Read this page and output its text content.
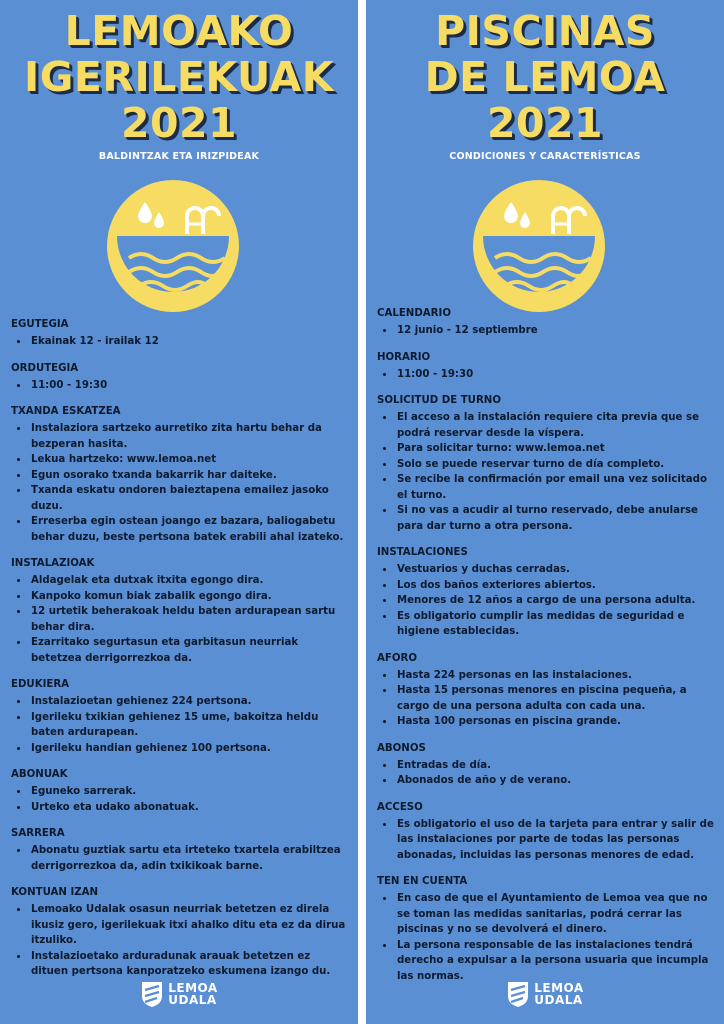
LEMOAKO
IGERILEKUAK
2021
BALDINTZAK ETA IRIZPIDEAK
EGUTEGIA
• Ekainak 12 - irailak 12
ORDUTEGIA
• 11:00 - 19:30
TXANDA ESKATZEA
• Instalaziora sartzeko aurretiko zita hartu behar da bezperan hasita.
• Lekua hartzeko: www.lemoa.net
• Egun osorako txanda bakarrik har daiteke.
• Txanda eskatu ondoren baieztapena emailez jasoko duzu.
• Erreserba egin ostean joango ez bazara, baliogabetu behar duzu, beste pertsona batek erabili ahal izateko.
INSTALAZIOAK
• Aldagelak eta dutxak itxita egongo dira.
• Kanpoko komun biak zabalik egongo dira.
• 12 urtetik beherakoak heldu baten ardurapean sartu behar dira.
• Ezarritako segurtasun eta garbitasun neurriak betetzea derrigorrezkoa da.
EDUKIERA
• Instalazioetan gehienez 224 pertsona.
• Igerileku txikian gehienez 15 ume, bakoitza heldu baten ardurapean.
• Igerileku handian gehienez 100 pertsona.
ABONUAK
• Eguneko sarrerak.
• Urteko eta udako abonatuak.
SARRERA
• Abonatu guztiak sartu eta irteteko txartela erabiltzea derrigorrezkoa da, adin txikikoak barne.
KONTUAN IZAN
• Lemoako Udalak osasun neurriak betetzen ez direla ikusiz gero, igerilekuak itxi ahalko ditu eta ez da dirua itzuliko.
• Instalazioetako arduradunak arauak betetzen ez dituen pertsona kanporatzeko eskumena izango du.
LEMOA
UDALA
PISCINAS
DE LEMOA
2021
CONDICIONES Y CARACTERÍSTICAS
CALENDARIO
• 12 junio - 12 septiembre
HORARIO
• 11:00 - 19:30
SOLICITUD DE TURNO
• El acceso a la instalación requiere cita previa que se podrá reservar desde la víspera.
• Para solicitar turno: www.lemoa.net
• Solo se puede reservar turno de día completo.
• Se recibe la confirmación por email una vez solicitado el turno.
• Si no vas a acudir al turno reservado, debe anularse para dar turno a otra persona.
INSTALACIONES
• Vestuarios y duchas cerradas.
• Los dos baños exteriores abiertos.
• Menores de 12 años a cargo de una persona adulta.
• Es obligatorio cumplir las medidas de seguridad e higiene establecidas.
AFORO
• Hasta 224 personas en las instalaciones.
• Hasta 15 personas menores en piscina pequeña, a cargo de una persona adulta con cada una.
• Hasta 100 personas en piscina grande.
ABONOS
• Entradas de día.
• Abonados de año y de verano.
ACCESO
• Es obligatorio el uso de la tarjeta para entrar y salir de las instalaciones por parte de todas las personas abonadas, incluidas las personas menores de edad.
TEN EN CUENTA
• En caso de que el Ayuntamiento de Lemoa vea que no se toman las medidas sanitarias, podrá cerrar las piscinas y no se devolverá el dinero.
• La persona responsable de las instalaciones tendrá derecho a expulsar a la persona usuaria que incumpla las normas.
LEMOA
UDALA
